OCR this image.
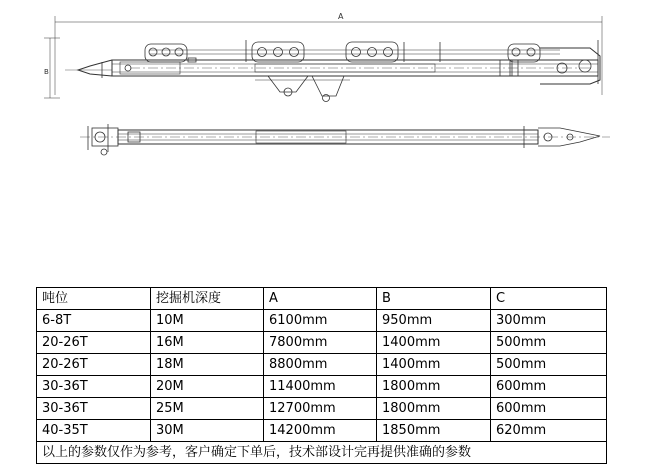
A
B
吨位	挖掘机深度	A	B	C
6-8T	10M	6100mm	950mm	300mm
20-26T	16M	7800mm	1400mm	500mm
20-26T	18M	8800mm	1400mm	500mm
30-36T	20M	11400mm	1800mm	600mm
30-36T	25M	12700mm	1800mm	600mm
40-35T	30M	14200mm	1850mm	620mm
以上的参数仅作为参考，客户确定下单后，技术部设计完再提供准确的参数				
